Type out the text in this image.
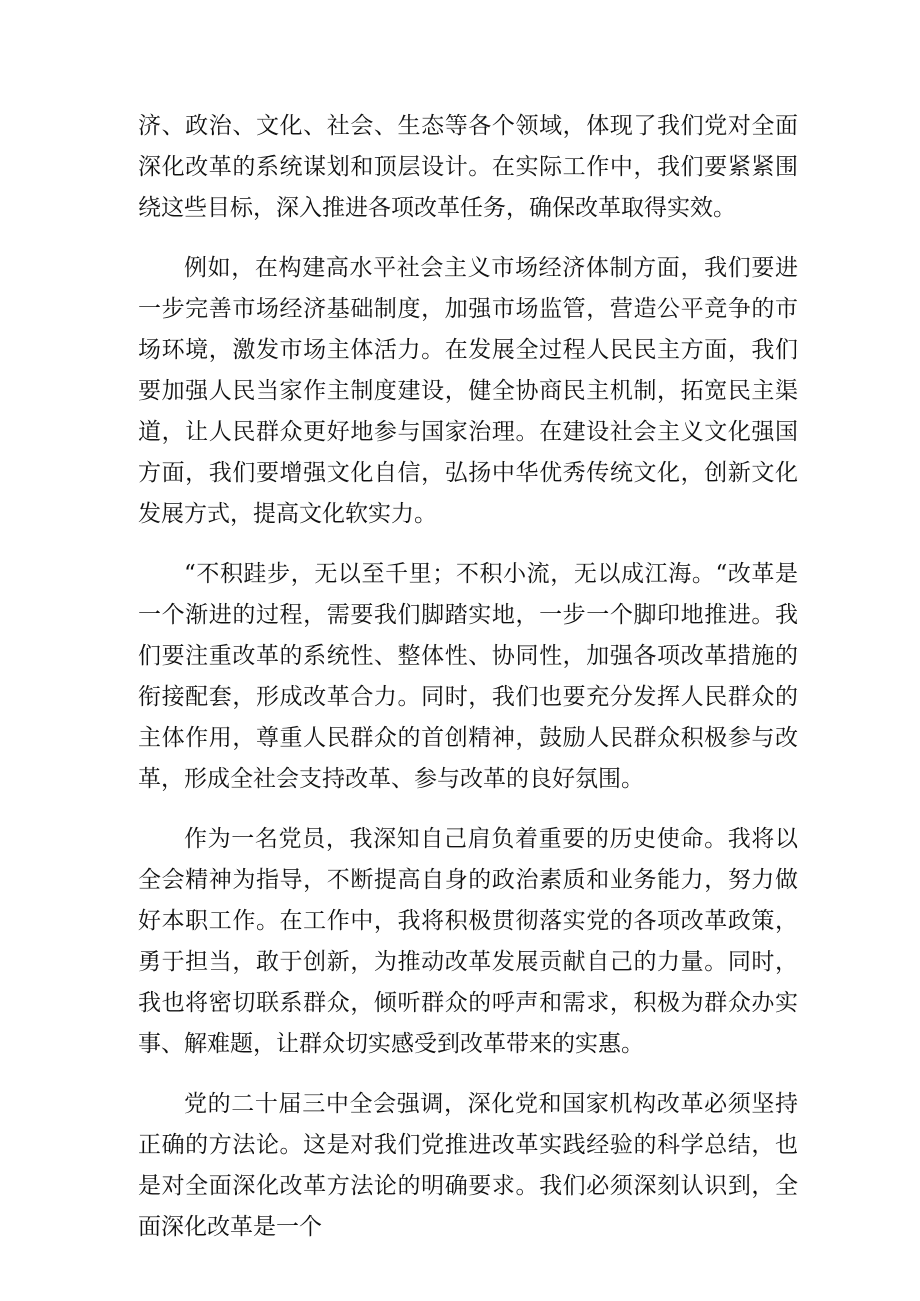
济、政治、文化、社会、生态等各个领域，体现了我们党对全面深化改革的系统谋划和顶层设计。在实际工作中，我们要紧紧围绕这些目标，深入推进各项改革任务，确保改革取得实效。

例如，在构建高水平社会主义市场经济体制方面，我们要进一步完善市场经济基础制度，加强市场监管，营造公平竞争的市场环境，激发市场主体活力。在发展全过程人民民主方面，我们要加强人民当家作主制度建设，健全协商民主机制，拓宽民主渠道，让人民群众更好地参与国家治理。在建设社会主义文化强国方面，我们要增强文化自信，弘扬中华优秀传统文化，创新文化发展方式，提高文化软实力。

“不积跬步，无以至千里；不积小流，无以成江海。“改革是一个渐进的过程，需要我们脚踏实地，一步一个脚印地推进。我们要注重改革的系统性、整体性、协同性，加强各项改革措施的衔接配套，形成改革合力。同时，我们也要充分发挥人民群众的主体作用，尊重人民群众的首创精神，鼓励人民群众积极参与改革，形成全社会支持改革、参与改革的良好氛围。

作为一名党员，我深知自己肩负着重要的历史使命。我将以全会精神为指导，不断提高自身的政治素质和业务能力，努力做好本职工作。在工作中，我将积极贯彻落实党的各项改革政策，勇于担当，敢于创新，为推动改革发展贡献自己的力量。同时，我也将密切联系群众，倾听群众的呼声和需求，积极为群众办实事、解难题，让群众切实感受到改革带来的实惠。

党的二十届三中全会强调，深化党和国家机构改革必须坚持正确的方法论。这是对我们党推进改革实践经验的科学总结，也是对全面深化改革方法论的明确要求。我们必须深刻认识到，全面深化改革是一个
